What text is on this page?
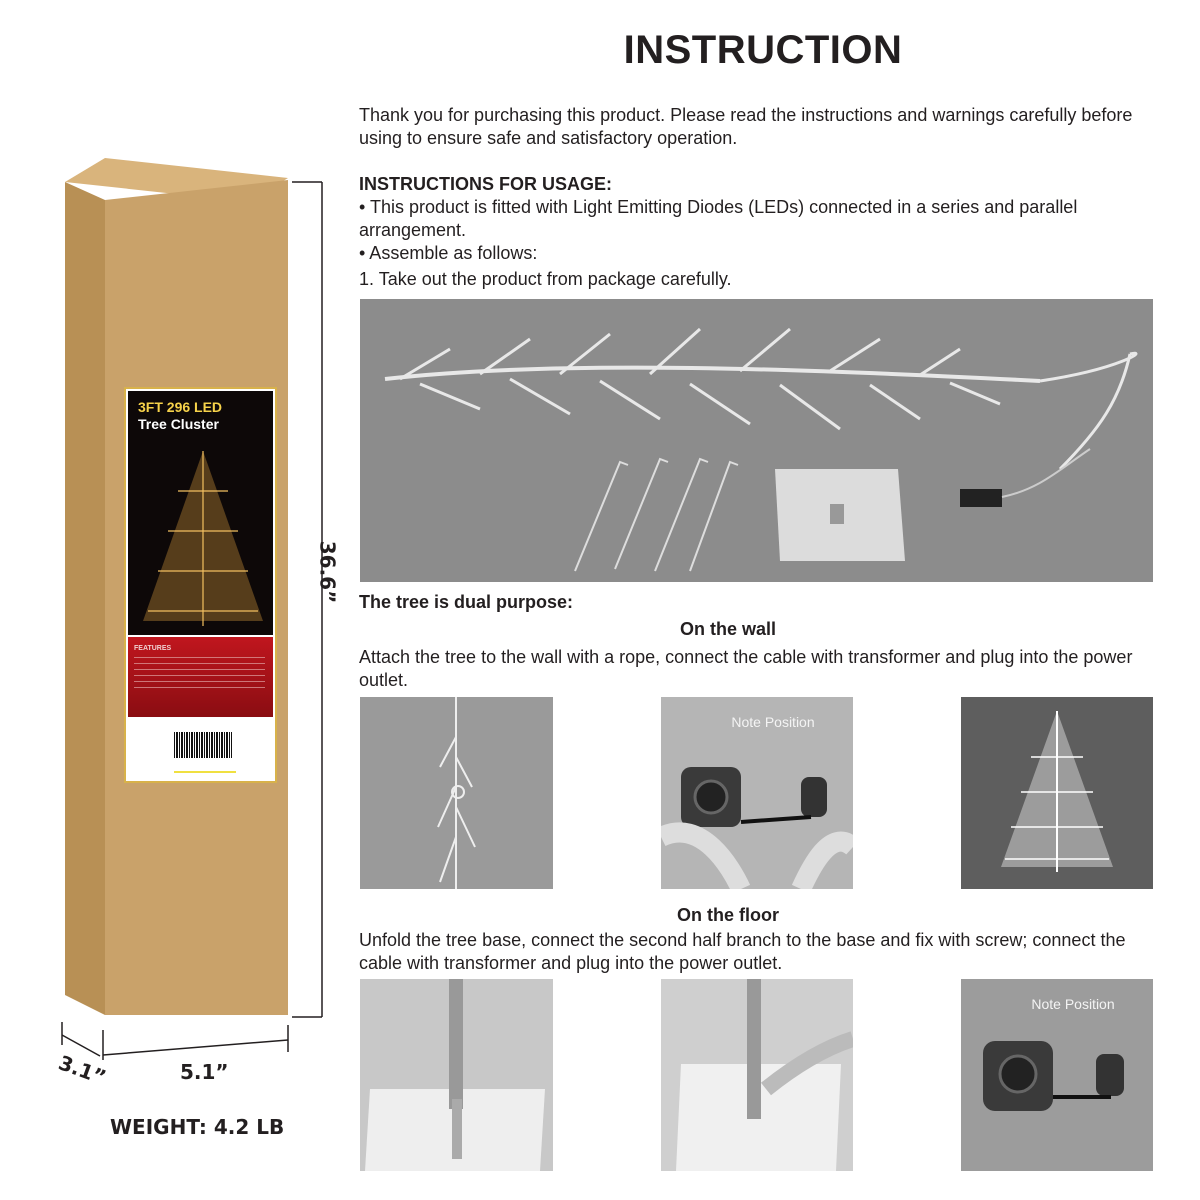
INSTRUCTION
Thank you for purchasing this product. Please read the instructions and warnings carefully before using to ensure safe and satisfactory operation.
INSTRUCTIONS FOR USAGE:
• This product is fitted with Light Emitting Diodes (LEDs) connected in a series and parallel arrangement.
• Assemble as follows:
1. Take out the product from package carefully.
The tree is dual purpose:
On the wall
Attach the tree to the wall with a rope, connect the cable with transformer and plug into the power outlet.
Note Position
On the floor
Unfold the tree base, connect the second half branch to the base and fix with screw; connect the cable with transformer and plug into the power outlet.
Note Position
3FT 296 LED
Tree Cluster
FEATURES
36.6”
3.1”	5.1”
WEIGHT: 4.2 LB
